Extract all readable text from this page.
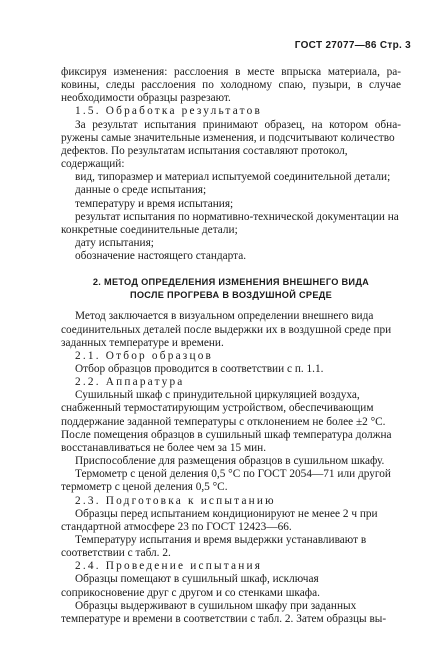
ГОСТ 27077—86 Стр. 3

фиксируя изменения: расслоения в месте впрыска материала, ра-

ковины, следы расслоения по холодному спаю, пузыри, в случае

необходимости образцы разрезают.

1.5. Обработка результатов

За результат испытания принимают образец, на котором обна-

ружены самые значительные изменения, и подсчитывают количество дефектов. По результатам испытания составляют протокол, содержащий:

вид, типоразмер и материал испытуемой соединительной детали;

данные о среде испытания;

температуру и время испытания;

результат испытания по нормативно-технической документации на конкретные соединительные детали;

дату испытания;

обозначение настоящего стандарта.

2. МЕТОД ОПРЕДЕЛЕНИЯ ИЗМЕНЕНИЯ ВНЕШНЕГО ВИДА
ПОСЛЕ ПРОГРЕВА В ВОЗДУШНОЙ СРЕДЕ

Метод заключается в визуальном определении внешнего вида соединительных деталей после выдержки их в воздушной среде при заданных температуре и времени.

2.1. Отбор образцов

Отбор образцов проводится в соответствии с п. 1.1.

2.2. Аппаратура

Сушильный шкаф с принудительной циркуляцией воздуха, снабженный термостатирующим устройством, обеспечивающим поддержание заданной температуры с отклонением не более ±2 °С. После помещения образцов в сушильный шкаф температура должна восстанавливаться не более чем за 15 мин.

Приспособление для размещения образцов в сушильном шкафу.

Термометр с ценой деления 0,5 °С по ГОСТ 2054—71 или другой термометр с ценой деления 0,5 °С.

2.3. Подготовка к испытанию

Образцы перед испытанием кондиционируют не менее 2 ч при стандартной атмосфере 23 по ГОСТ 12423—66.

Температуру испытания и время выдержки устанавливают в соответствии с табл. 2.

2.4. Проведение испытания

Образцы помещают в сушильный шкаф, исключая соприкосновение друг с другом и со стенками шкафа.

Образцы выдерживают в сушильном шкафу при заданных температуре и времени в соответствии с табл. 2. Затем образцы вы-
